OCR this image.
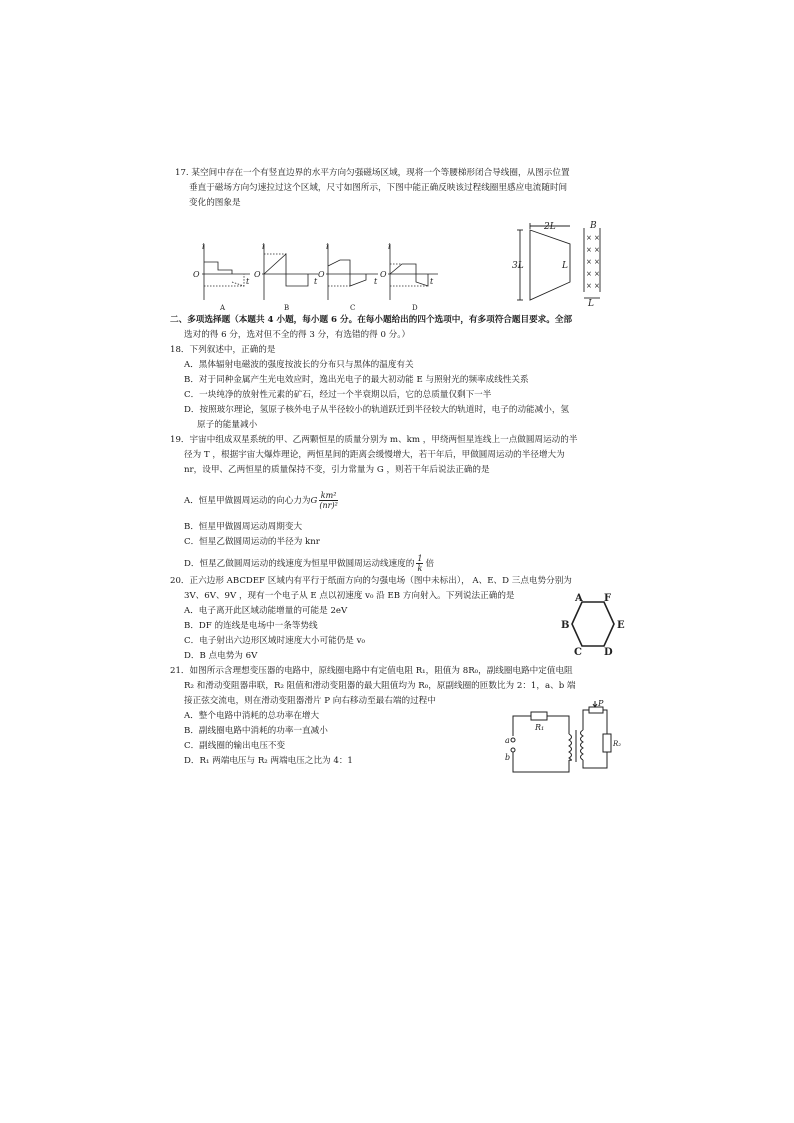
17. 某空间中存在一个有竖直边界的水平方向匀强磁场区域，现将一个等腰梯形闭合导线圈，从图示位置
垂直于磁场方向匀速拉过这个区域，尺寸如图所示，下图中能正确反映该过程线圈里感应电流随时间
变化的图象是
i
O
t
A
i
O
t
B
i
O
t
C
i
O
t
D
× ×
× ×
× ×
× ×
× ×
2L
3L	L
B
L
二、多项选择题（本题共 4 小题，每小题 6 分。在每小题给出的四个选项中，有多项符合题目要求。全部
选对的得 6 分，选对但不全的得 3 分，有选错的得 0 分。）
18．下列叙述中，正确的是
A．黑体辐射电磁波的强度按波长的分布只与黑体的温度有关
B．对于同种金属产生光电效应时，逸出光电子的最大初动能 E 与照射光的频率成线性关系
C．一块纯净的放射性元素的矿石，经过一个半衰期以后，它的总质量仅剩下一半
D．按照玻尔理论，氢原子核外电子从半径较小的轨道跃迁到半径较大的轨道时，电子的动能减小，氢
原子的能量减小
19．宇宙中组成双星系统的甲、乙两颗恒星的质量分别为 m、km ，甲绕两恒星连线上一点做圆周运动的半
径为 T ，根据宇宙大爆炸理论，两恒星间的距离会缓慢增大，若干年后，甲做圆周运动的半径增大为
nr，设甲、乙两恒星的质量保持不变，引力常量为 G ，则若干年后说法正确的是
A．恒星甲做圆周运动的向心力为G $\frac{\text{km²}}{\text{(nr)²}}$
B．恒星甲做圆周运动周期变大
C．恒星乙做圆周运动的半径为 knr
D．恒星乙做圆周运动的线速度为恒星甲做圆周运动线速度的 $\frac{1}{k}$ 倍
20．正六边形 ABCDEF 区域内有平行于纸面方向的匀强电场（图中未标出）， A、E、D 三点电势分别为
3V、6V、9V ，现有一个电子从 E 点以初速度 v₀ 沿 EB 方向射入。下列说法正确的是
A．电子离开此区域动能增量的可能是 2eV
B．DF 的连线是电场中一条等势线
C．电子射出六边形区域时速度大小可能仍是 v₀
D．B 点电势为 6V
A F
B	E
C D
21．如图所示含理想变压器的电路中，原线圈电路中有定值电阻 R₁，阻值为 8R₀，副线圈电路中定值电阻
R₂ 和滑动变阻器串联，R₂ 阻值和滑动变阻器的最大阻值均为 R₀，原副线圈的匝数比为 2：1，a、b 端
接正弦交流电，则在滑动变阻器滑片 P 向右移动至最右端的过程中
A．整个电路中消耗的总功率在增大
B．副线圈电路中消耗的功率一直减小
C．副线圈的输出电压不变
D．R₁ 两端电压与 R₂ 两端电压之比为 4：1
R₁
R₂
P
a
b
